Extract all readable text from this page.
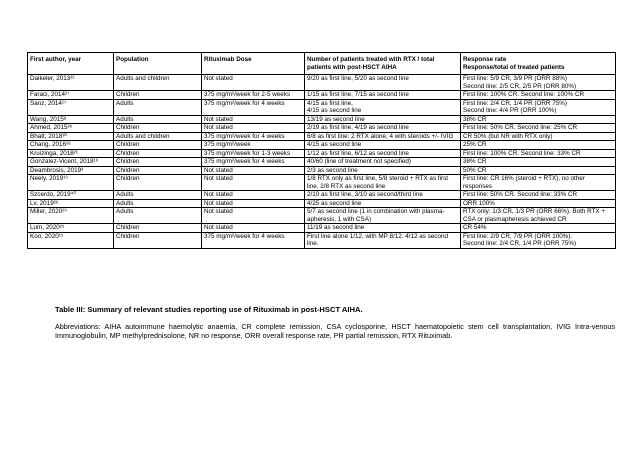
First author, year	Population	Rituximab Dose	Number of patients treated with RTX / total patients with post-HSCT AIHA	Response rate
Response/total of treated patients
Daikeler, 2013²²	Adults and children	Not stated	9/20 as first line, 5/20 as second line	First line: 5/9 CR, 3/9 PR (ORR 88%)
Second line: 2/5 CR, 2/5 PR (ORR 80%)
Faraci, 2014²⁷	Children	375 mg/m²/week for 2-5 weeks	1/15 as first line, 7/15 as second line	First line: 100% CR. Second line: 100% CR
Sanz, 2014¹⁷	Adults	375 mg/m²/week for 4 weeks	4/15 as first line,
4/15 as second line	First line: 2/4 CR, 1/4 PR (ORR 75%)
Second line: 4/4 PR (ORR 100%)
Wang, 2015⁸	Adults	Not stated	13/19 as second line	38% CR
Ahmed, 2015³⁶	Children	Not stated	2/19 as first line, 4/19 as second line	First line: 50% CR. Second line: 25% CR
Bhatt, 2018³⁰	Adults and children	375 mg/m²/week for 4 weeks	6/8 as first line: 2 RTX alone, 4 with steroids +/- IVIG	CR 50% (but NR with RTX only)
Chang, 2016²⁸	Children	375 mg/m²/week	4/15 as second line	25% CR
Kruizinga, 2018²¹	Children	375 mg/m²/week for 1-3 weeks	1/12 as first line, 6/12 as second line	First line: 100% CR. Second line: 33% CR
Gonzalez-Vicent, 2018¹⁶	Children	375 mg/m²/week for 4 weeks	40/60 (line of treatment not specified)	38% CR
Deambrosis, 2019³	Children	Not stated	2/3 as second line	50% CR
Neely, 2019¹⁹	Children	Not stated	1/8 RTX only as first line, 5/8 steroid + RTX as first line, 2/8 RTX as second line	First line: CR 16% (steroid + RTX), no other responses
Szcerdo, 2019⁴⁰	Adults	Not stated	2/10 as first line, 3/10 as second/third line	First line: 50% CR. Second line: 33% CR
Lv, 2019²⁶	Adults	Not stated	4/25 as second line	ORR 100%
Miller, 2020²⁹	Adults	Not stated	5/7 as second line (1 in combination with plasma-apheresis, 1 with CSA)	RTX only: 1/3 CR, 1/3 PR (ORR 66%). Both RTX + CSA or plasmapheresis achieved CR
Lum, 2020²⁵	Children	Not stated	11/19 as second line	CR 54%
Koo, 2020¹⁵	Children	375 mg/m²/week for 4 weeks	First line alone 1/12, with MP 8/12. 4/12 as second line.	First line: 2/9 CR, 7/9 PR (ORR 100%).
Second line: 2/4 CR, 1/4 PR (ORR 75%)
Table III: Summary of relevant studies reporting use of Rituximab in post-HSCT AIHA.
Abbreviations: AIHA autoimmune haemolytic anaemia, CR complete remission, CSA cyclosporine, HSCT haematopoietic stem cell transplantation, IVIG Intra-venous Immunoglobulin, MP methylprednisolone, NR no response, ORR overall response rate, PR partial remission, RTX Rituximab.
